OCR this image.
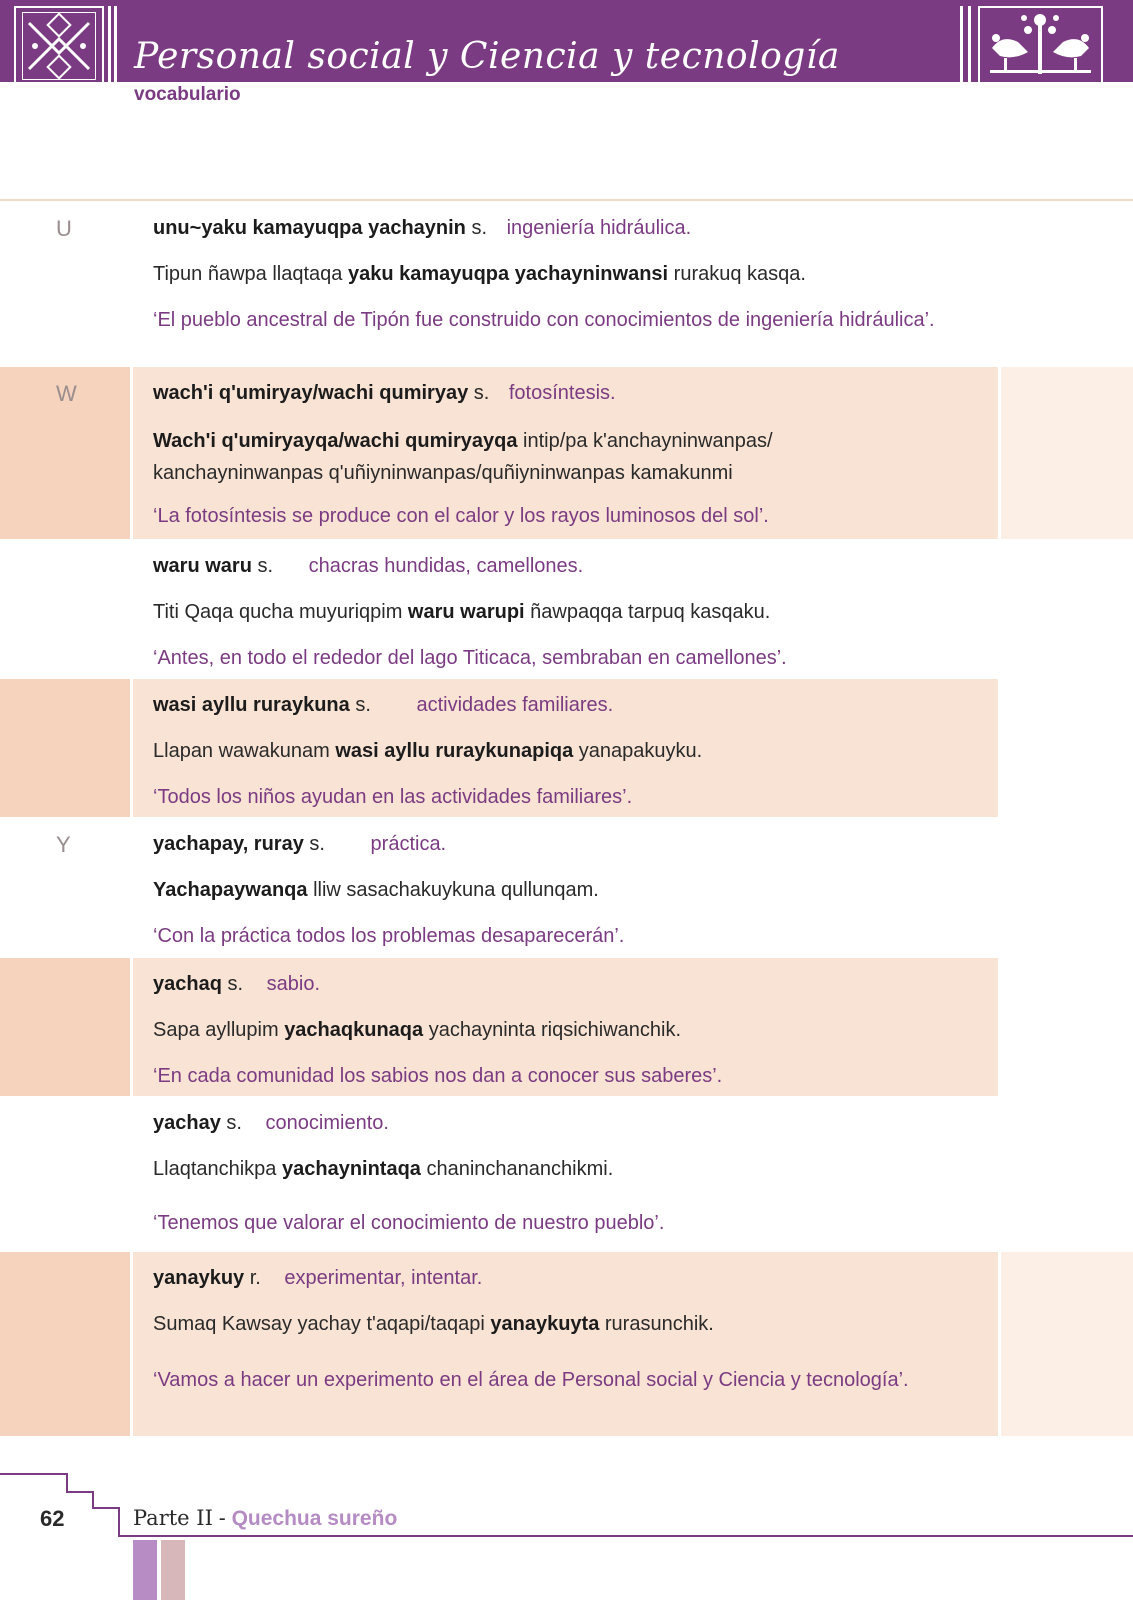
Personal social y Ciencia y tecnología
vocabulario
U	unu~yaku kamayuqpa yachaynin s. ingeniería hidráulica.
Tipun ñawpa llaqtaqa yaku kamayuqpa yachayninwansi rurakuq kasqa.
‘El pueblo ancestral de Tipón fue construido con conocimientos de ingeniería hidráulica’.
W	wach'i q'umiryay/wachi qumiryay s. fotosíntesis.
Wach'i q'umiryayqa/wachi qumiryayqa intip/pa k'anchayninwanpas/ kanchayninwanpas q'uñiyninwanpas/quñiyninwanpas kamakunmi
‘La fotosíntesis se produce con el calor y los rayos luminosos del sol’.
waru waru s. chacras hundidas, camellones.
Titi Qaqa qucha muyuriqpim waru warupi ñawpaqqa tarpuq kasqaku.
‘Antes, en todo el rededor del lago Titicaca, sembraban en camellones’.
wasi ayllu ruraykuna s. actividades familiares.
Llapan wawakunam wasi ayllu ruraykunapiqa yanapakuyku.
‘Todos los niños ayudan en las actividades familiares’.
Y	yachapay, ruray s. práctica.
Yachapaywanqa lliw sasachakuykuna qullunqam.
‘Con la práctica todos los problemas desaparecerán’.
yachaq s. sabio.
Sapa ayllupim yachaqkunaqa yachayninta riqsichiwanchik.
‘En cada comunidad los sabios nos dan a conocer sus saberes’.
yachay s. conocimiento.
Llaqtanchikpa yachayninta​qa chaninchananchikmi.
‘Tenemos que valorar el conocimiento de nuestro pueblo’.
yanaykuy r. experimentar, intentar.
Sumaq Kawsay yachay t'aqapi/taqapi yanaykuyta rurasunchik.
‘Vamos a hacer un experimento en el área de Personal social y Ciencia y tecnología’.
62	Parte II - Quechua sureño
